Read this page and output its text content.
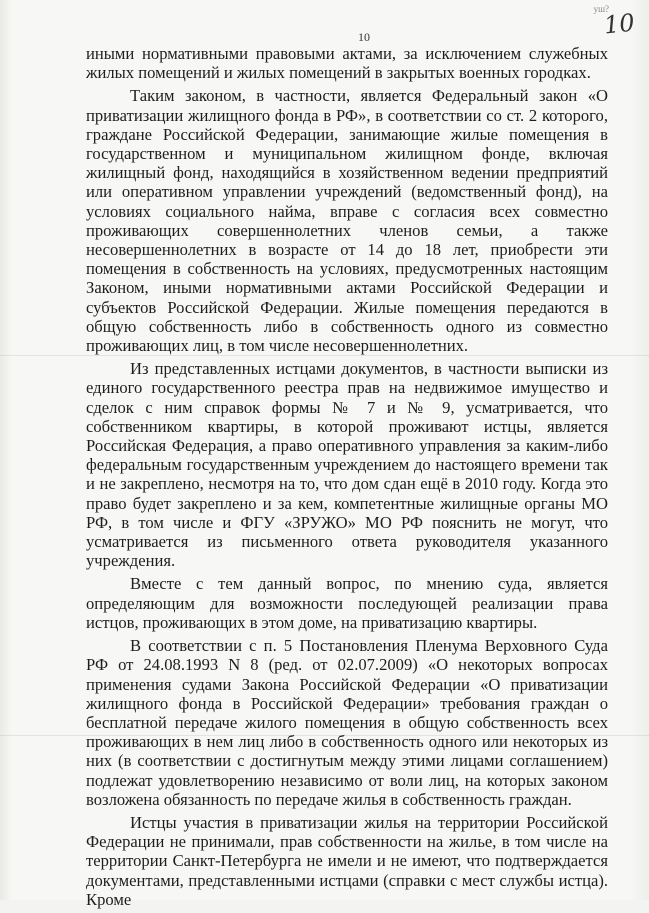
уш?
10
10

иными нормативными правовыми актами, за исключением служебных жилых помещений и жилых помещений в закрытых военных городках.

Таким законом, в частности, является Федеральный закон «О приватизации жилищного фонда в РФ», в соответствии со ст. 2 которого, граждане Российской Федерации, занимающие жилые помещения в государственном и муниципальном жилищном фонде, включая жилищный фонд, находящийся в хозяйственном ведении предприятий или оперативном управлении учреждений (ведомственный фонд), на условиях социального найма, вправе с согласия всех совместно проживающих совершеннолетних членов семьи, а также несовершеннолетних в возрасте от 14 до 18 лет, приобрести эти помещения в собственность на условиях, предусмотренных настоящим Законом, иными нормативными актами Российской Федерации и субъектов Российской Федерации. Жилые помещения передаются в общую собственность либо в собственность одного из совместно проживающих лиц, в том числе несовершеннолетних.

Из представленных истцами документов, в частности выписки из единого государственного реестра прав на недвижимое имущество и сделок с ним справок формы № 7 и № 9, усматривается, что собственником квартиры, в которой проживают истцы, является Российская Федерация, а право оперативного управления за каким-либо федеральным государственным учреждением до настоящего времени так и не закреплено, несмотря на то, что дом сдан ещё в 2010 году. Когда это право будет закреплено и за кем, компетентные жилищные органы МО РФ, в том числе и ФГУ «ЗРУЖО» МО РФ пояснить не могут, что усматривается из письменного ответа руководителя указанного учреждения.

Вместе с тем данный вопрос, по мнению суда, является определяющим для возможности последующей реализации права истцов, проживающих в этом доме, на приватизацию квартиры.

В соответствии с п. 5 Постановления Пленума Верховного Суда РФ от 24.08.1993 N 8 (ред. от 02.07.2009) «О некоторых вопросах применения судами Закона Российской Федерации «О приватизации жилищного фонда в Российской Федерации» требования граждан о бесплатной передаче жилого помещения в общую собственность всех проживающих в нем лиц либо в собственность одного или некоторых из них (в соответствии с достигнутым между этими лицами соглашением) подлежат удовлетворению независимо от воли лиц, на которых законом возложена обязанность по передаче жилья в собственность граждан.

Истцы участия в приватизации жилья на территории Российской Федерации не принимали, прав собственности на жилье, в том числе на территории Санкт-Петербурга не имели и не имеют, что подтверждается документами, представленными истцами (справки с мест службы истца). Кроме
